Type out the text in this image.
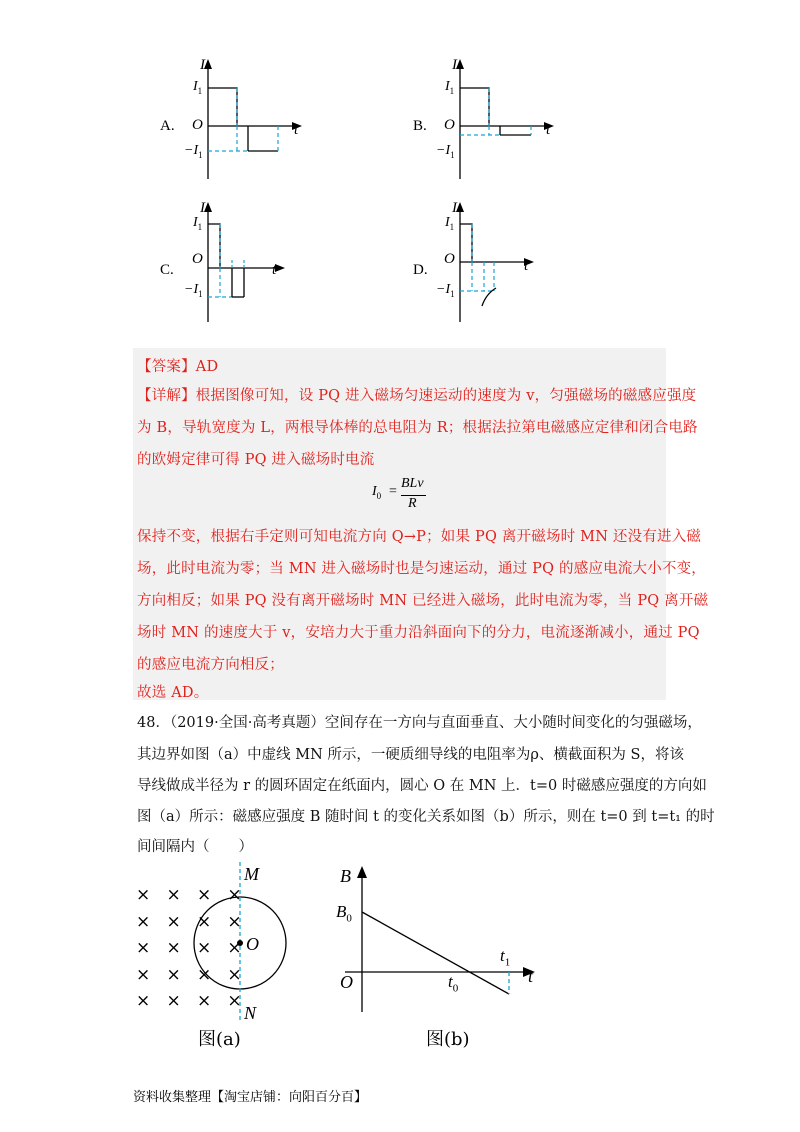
A.
I
$I_1$
O	t
$-I_1$
B.
I
$I_1$
O	t
$-I_1$
C.
I
$I_1$
O
t
$-I_1$
D.
I
$I_1$
O	t
$-I_1$
【答案】AD
【详解】根据图像可知，设 PQ 进入磁场匀速运动的速度为 v，匀强磁场的磁感应强度
为 B，导轨宽度为 L，两根导体棒的总电阻为 R；根据法拉第电磁感应定律和闭合电路
的欧姆定律可得 PQ 进入磁场时电流
$I_0$ =
BLv
R
保持不变，根据右手定则可知电流方向 Q→P；如果 PQ 离开磁场时 MN 还没有进入磁
场，此时电流为零；当 MN 进入磁场时也是匀速运动，通过 PQ 的感应电流大小不变，
方向相反；如果 PQ 没有离开磁场时 MN 已经进入磁场，此时电流为零，当 PQ 离开磁
场时 MN 的速度大于 v，安培力大于重力沿斜面向下的分力，电流逐渐减小，通过 PQ
的感应电流方向相反；
故选 AD。
48．（2019·全国·高考真题）空间存在一方向与直面垂直、大小随时间变化的匀强磁场，
其边界如图（a）中虚线 MN 所示，一硬质细导线的电阻率为ρ、横截面积为 S，将该
导线做成半径为 r 的圆环固定在纸面内，圆心 O 在 MN 上．t=0 时磁感应强度的方向如
图（a）所示：磁感应强度 B 随时间 t 的变化关系如图（b）所示，则在 t=0 到 t=t₁ 的时
间间隔内（　　）
M
N
O
× × × ×
× × × ×
× × × ×
× × × ×
× × × ×
图(a)
B
$B_0$
O	$t_0$
$t_1$
t
图(b)
资料收集整理【淘宝店铺：向阳百分百】
